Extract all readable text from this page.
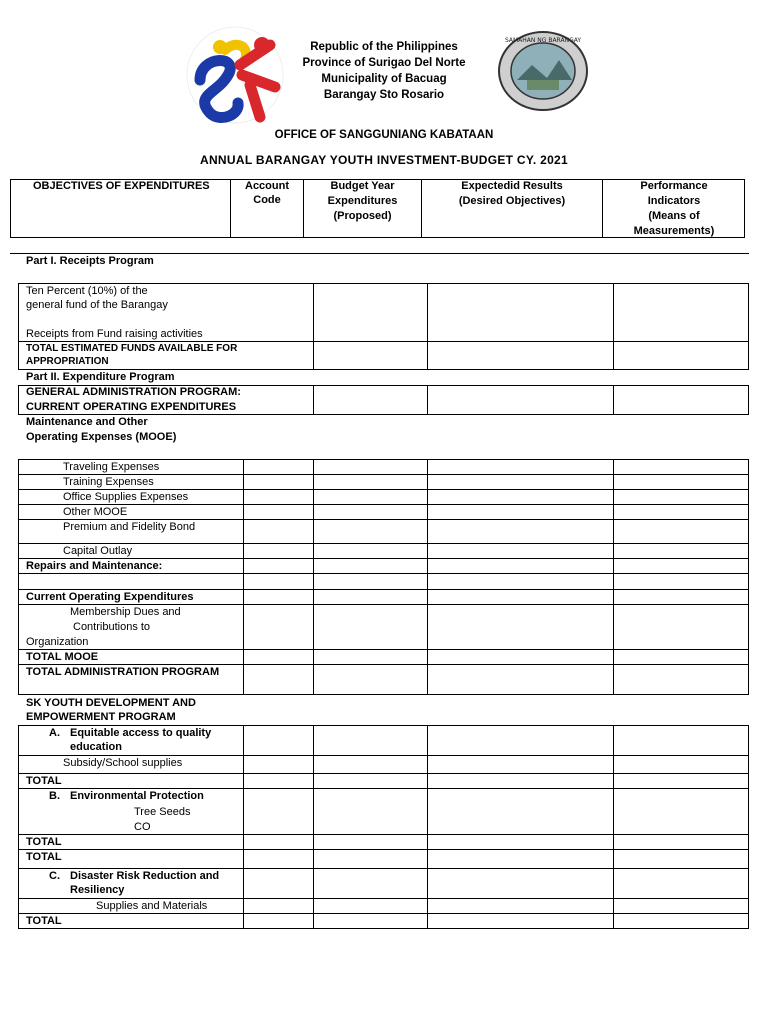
Republic of the Philippines
Province of Surigao Del Norte
Municipality of Bacuag
Barangay Sto Rosario
SAMAHAN NG BARANGAY
OFFICE OF SANGGUNIANG KABATAAN
ANNUAL BARANGAY YOUTH INVESTMENT-BUDGET CY. 2021
OBJECTIVES OF EXPENDITURES	Account
Code
Budget Year
Expenditures
(Proposed)
Expectedid Results
(Desired Objectives)
Performance
Indicators
(Means of
Measurements)
Part I. Receipts Program
Ten Percent (10%) of the
general fund of the Barangay
Receipts from Fund raising activities
TOTAL ESTIMATED FUNDS AVAILABLE FOR
APPROPRIATION
Part II. Expenditure Program
GENERAL ADMINISTRATION PROGRAM:
CURRENT OPERATING EXPENDITURES
Maintenance and Other
Operating Expenses (MOOE)
Traveling Expenses
Training Expenses
Office Supplies Expenses
Other MOOE
Premium and Fidelity Bond
Capital Outlay
Repairs and Maintenance:
Current Operating Expenditures
Membership Dues and
Contributions to
Organization
TOTAL MOOE
TOTAL ADMINISTRATION PROGRAM
SK YOUTH DEVELOPMENT AND
EMPOWERMENT PROGRAM
A. Equitable access to quality
education
Subsidy/School supplies
TOTAL
B. Environmental Protection
Tree Seeds
CO
TOTAL
TOTAL
C. Disaster Risk Reduction and
Resiliency
Supplies and Materials
TOTAL
